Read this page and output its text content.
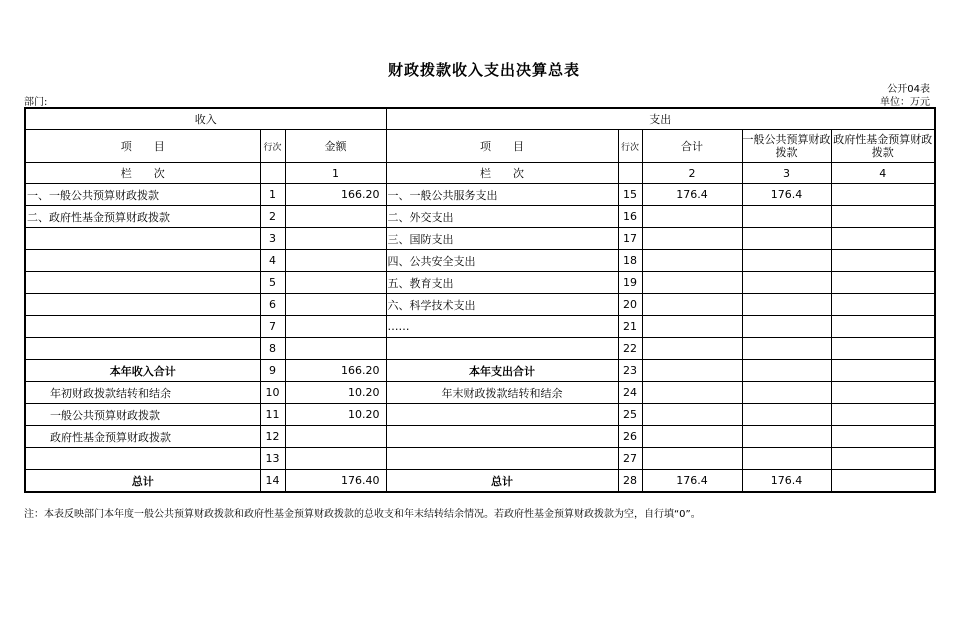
财政拨款收入支出决算总表
公开04表
部门:	单位：万元
收入			支出				
项　　目	行次	金额	项　　目	行次	合计	一般公共预算财政拨款	政府性基金预算财政拨款
栏　　次		1	栏　　次		2	3	4
一、一般公共预算财政拨款	1	166.20	一、一般公共服务支出	15	176.4	176.4	
二、政府性基金预算财政拨款	2		二、外交支出	16			
	3		三、国防支出	17			
	4		四、公共安全支出	18			
	5		五、教育支出	19			
	6		六、科学技术支出	20			
	7		……	21			
	8			22			
本年收入合计	9	166.20	本年支出合计	23			
年初财政拨款结转和结余	10	10.20	年末财政拨款结转和结余	24			
一般公共预算财政拨款	11	10.20		25			
政府性基金预算财政拨款	12			26			
	13			27			
总计	14	176.40	总计	28	176.4	176.4	
注：本表反映部门本年度一般公共预算财政拨款和政府性基金预算财政拨款的总收支和年末结转结余情况。若政府性基金预算财政拨款为空，自行填“0”。
